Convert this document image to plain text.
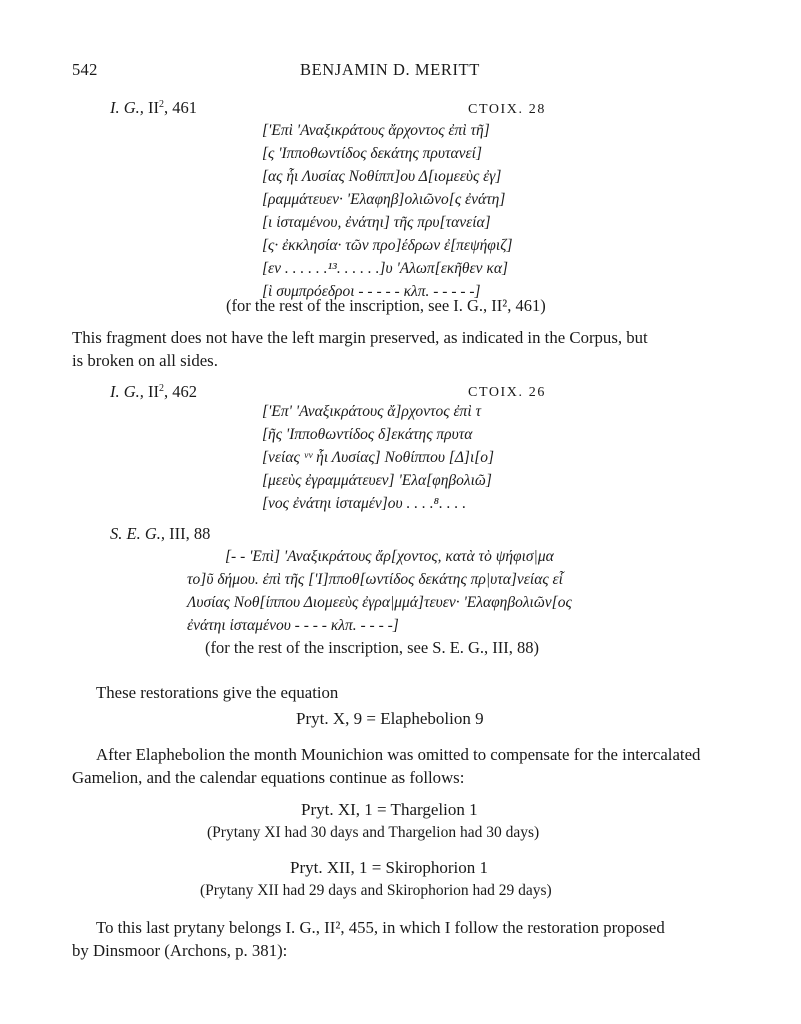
542	BENJAMIN D. MERITT
I. G., $II^2$, 461	CTOIX. 28
['Επὶ 'Αναξικράτους ἄρχοντος ἐπὶ τῆ]
[ς 'Ιπποθωντίδος δεκάτης πρυτανεί]
[ας ἧι Λυσίας Νοθίππ]ου Δ[ιομεεὺς ἐγ]
[ραμμάτευεν· 'Ελαφηβ]ολιῶνο[ς ἐνάτη]
[ι ἱσταμένου, ἐνάτηι] τῆς πρυ[τανεία]
[ς· ἐκκλησία· τῶν προ]έδρων ἐ[πεψήφιζ]
[εν . . . . . .¹³. . . . . .]υ 'Αλωπ[εκῆθεν κα]
[ὶ συμπρόεδροι - - - - - κλπ. - - - - -]
(for the rest of the inscription, see I. G., II², 461)
This fragment does not have the left margin preserved, as indicated in the Corpus, but
is broken on all sides.
I. G., $II^2$, 462	CTOIX. 26
['Επ' 'Αναξικράτους ἄ]ρχοντος ἐπὶ τ
[ῆς 'Ιπποθωντίδος δ]εκάτης πρυτα
[νείας ᵛᵛ ἧι Λυσίας] Νοθίππου [Δ]ι[ο]
[μεεὺς ἐγραμμάτευεν] 'Ελα[φηβολιῶ]
[νος ἐνάτηι ἱσταμέν]ου . . . .⁸. . . .
S. E. G., III, 88
[- - 'Επὶ] 'Αναξικράτους ἄρ[χοντος, κατὰ τὸ ψήφισ|μα
το]ῦ δήμου. ἐπὶ τῆς ['Ι]πποθ[ωντίδος δεκάτης πρ|υτα]νείας εἷ
Λυσίας Νοθ[ίππου Διομεεὺς ἐγρα|μμά]τευεν· 'Ελαφηβολιῶν[ος
ἐνάτηι ἱσταμένου - - - - κλπ. - - - -]
(for the rest of the inscription, see S. E. G., III, 88)
These restorations give the equation
Pryt. X, 9 = Elaphebolion 9
After Elaphebolion the month Mounichion was omitted to compensate for the intercalated
Gamelion, and the calendar equations continue as follows:
Pryt. XI, 1 = Thargelion 1
(Prytany XI had 30 days and Thargelion had 30 days)
Pryt. XII, 1 = Skirophorion 1
(Prytany XII had 29 days and Skirophorion had 29 days)
To this last prytany belongs I. G., II², 455, in which I follow the restoration proposed
by Dinsmoor (Archons, p. 381):
